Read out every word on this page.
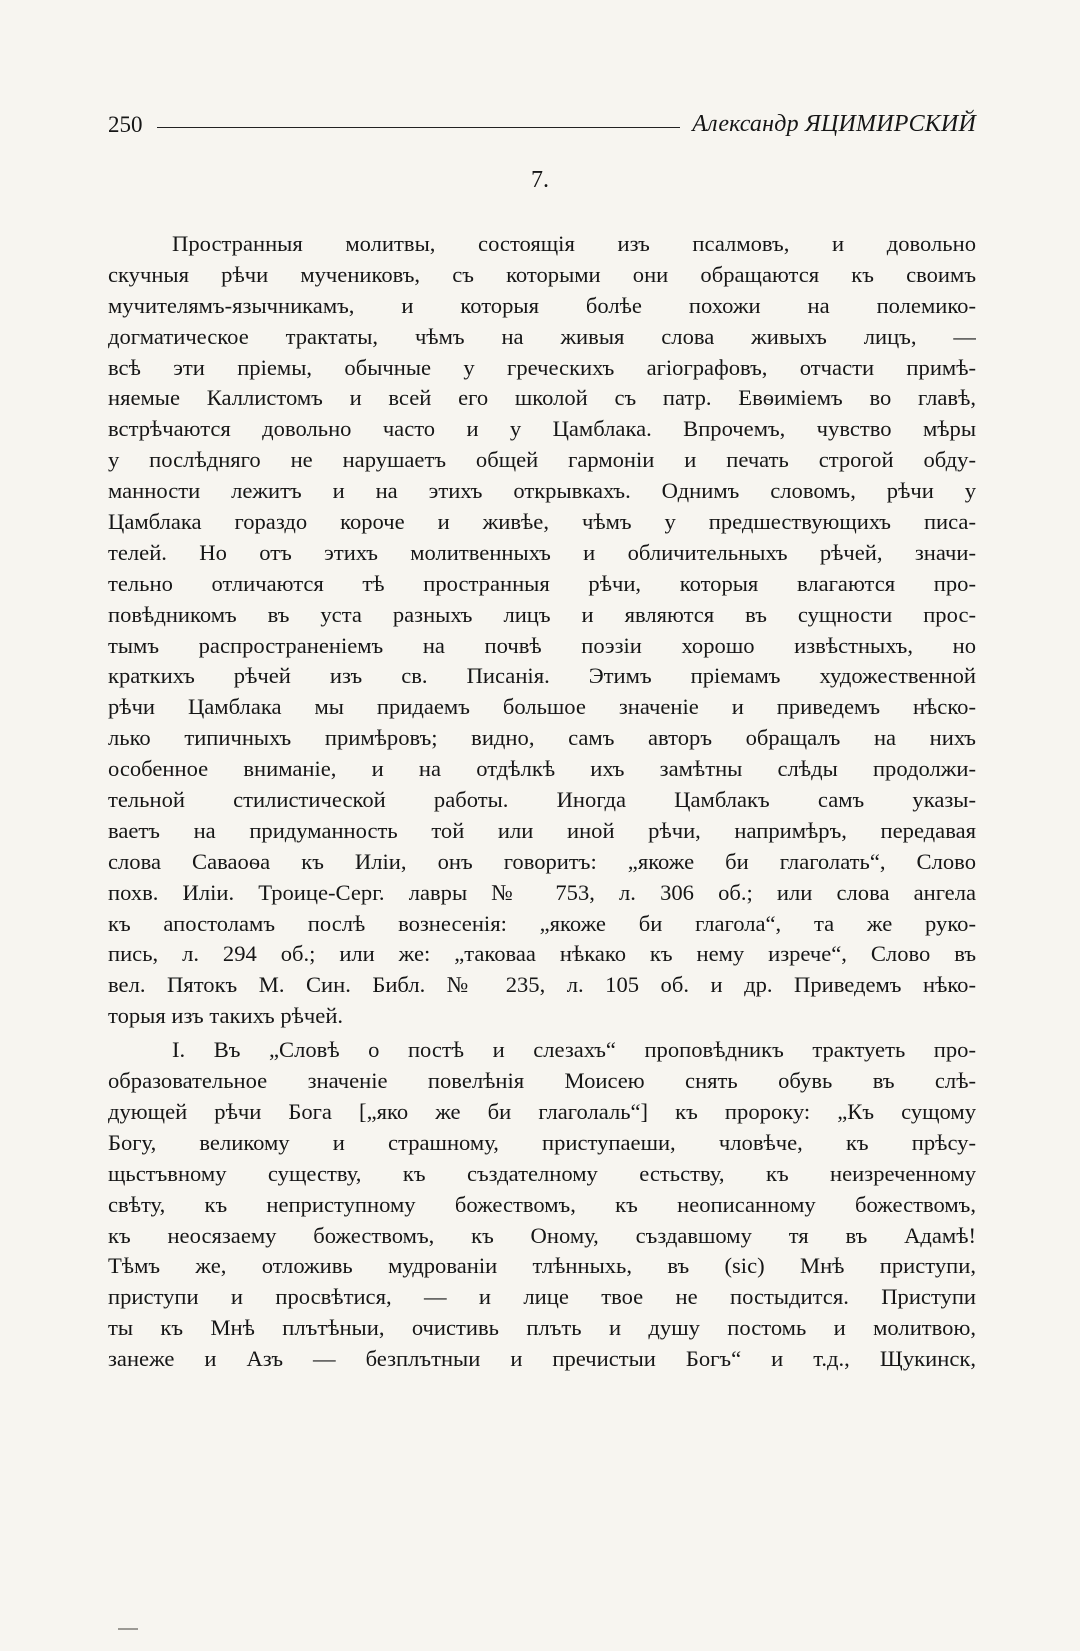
250	Александр ЯЦИМИРСКИЙ
7.
Пространныя молитвы, состоящія изъ псалмовъ, и довольно
скучныя рѣчи мучениковъ, съ которыми они обращаются къ своимъ
мучителямъ-язычникамъ, и которыя болѣе похожи на полемико-
догматическое трактаты, чѣмъ на живыя слова живыхъ лицъ, —
всѣ эти пріемы, обычные у греческихъ агіографовъ, отчасти примѣ-
няемые Каллистомъ и всей его школой съ патр. Евѳиміемъ во главѣ,
встрѣчаются довольно часто и у Цамблака. Впрочемъ, чувство мѣры
у послѣдняго не нарушаетъ общей гармоніи и печать строгой обду-
манности лежитъ и на этихъ открывкахъ. Однимъ словомъ, рѣчи у
Цамблака гораздо короче и живѣе, чѣмъ у предшествующихъ писа-
телей. Но отъ этихъ молитвенныхъ и обличительныхъ рѣчей, значи-
тельно отличаются тѣ пространныя рѣчи, которыя влагаются про-
повѣдникомъ въ уста разныхъ лицъ и являются въ сущности прос-
тымъ распространеніемъ на почвѣ поэзіи хорошо извѣстныхъ, но
краткихъ рѣчей изъ св. Писанія. Этимъ пріемамъ художественной
рѣчи Цамблака мы придаемъ большое значеніе и приведемъ нѣско-
лько типичныхъ примѣровъ; видно, самъ авторъ обращалъ на нихъ
особенное вниманіе, и на отдѣлкѣ ихъ замѣтны слѣды продолжи-
тельной стилистической работы. Иногда Цамблакъ самъ указы-
ваетъ на придуманность той или иной рѣчи, напримѣръ, передавая
слова Саваоѳа къ Иліи, онъ говоритъ: „якоже би глаголать“, Слово
похв. Иліи. Троице-Серг. лавры № 753, л. 306 об.; или слова ангела
къ апостоламъ послѣ вознесенія: „якоже би глагола“, та же руко-
пись, л. 294 об.; или же: „таковаа нѣкако къ нему изрече“, Слово въ
вел. Пятокъ М. Син. Библ. № 235, л. 105 об. и др. Приведемъ нѣко-
торыя изъ такихъ рѣчей.
I. Въ „Словѣ о постѣ и слезахъ“ проповѣдникъ трактуеть про-
образовательное значеніе повелѣнія Моисею снять обувь въ слѣ-
дующей рѣчи Бога [„яко же би глаголаль“] къ пророку: „Къ сущому
Богу, великому и страшному, приступаеши, чловѣче, къ прѣсу-
щьстъвному существу, къ създателному естьству, къ неизреченному
свѣту, къ неприступному божествомъ, къ неописанному божествомъ,
къ неосязаему божествомъ, къ Оному, създавшому тя въ Адамѣ!
Тѣмъ же, отложивь мудрованіи тлѣнныхь, въ (sic) Мнѣ приступи,
приступи и просвѣтися, — и лице твое не постыдится. Приступи
ты къ Мнѣ плътѣныи, очистивь плъть и душу постомь и молитвою,
занеже и Азъ — безплътныи и пречистыи Богъ“ и т.д., Щукинск,
